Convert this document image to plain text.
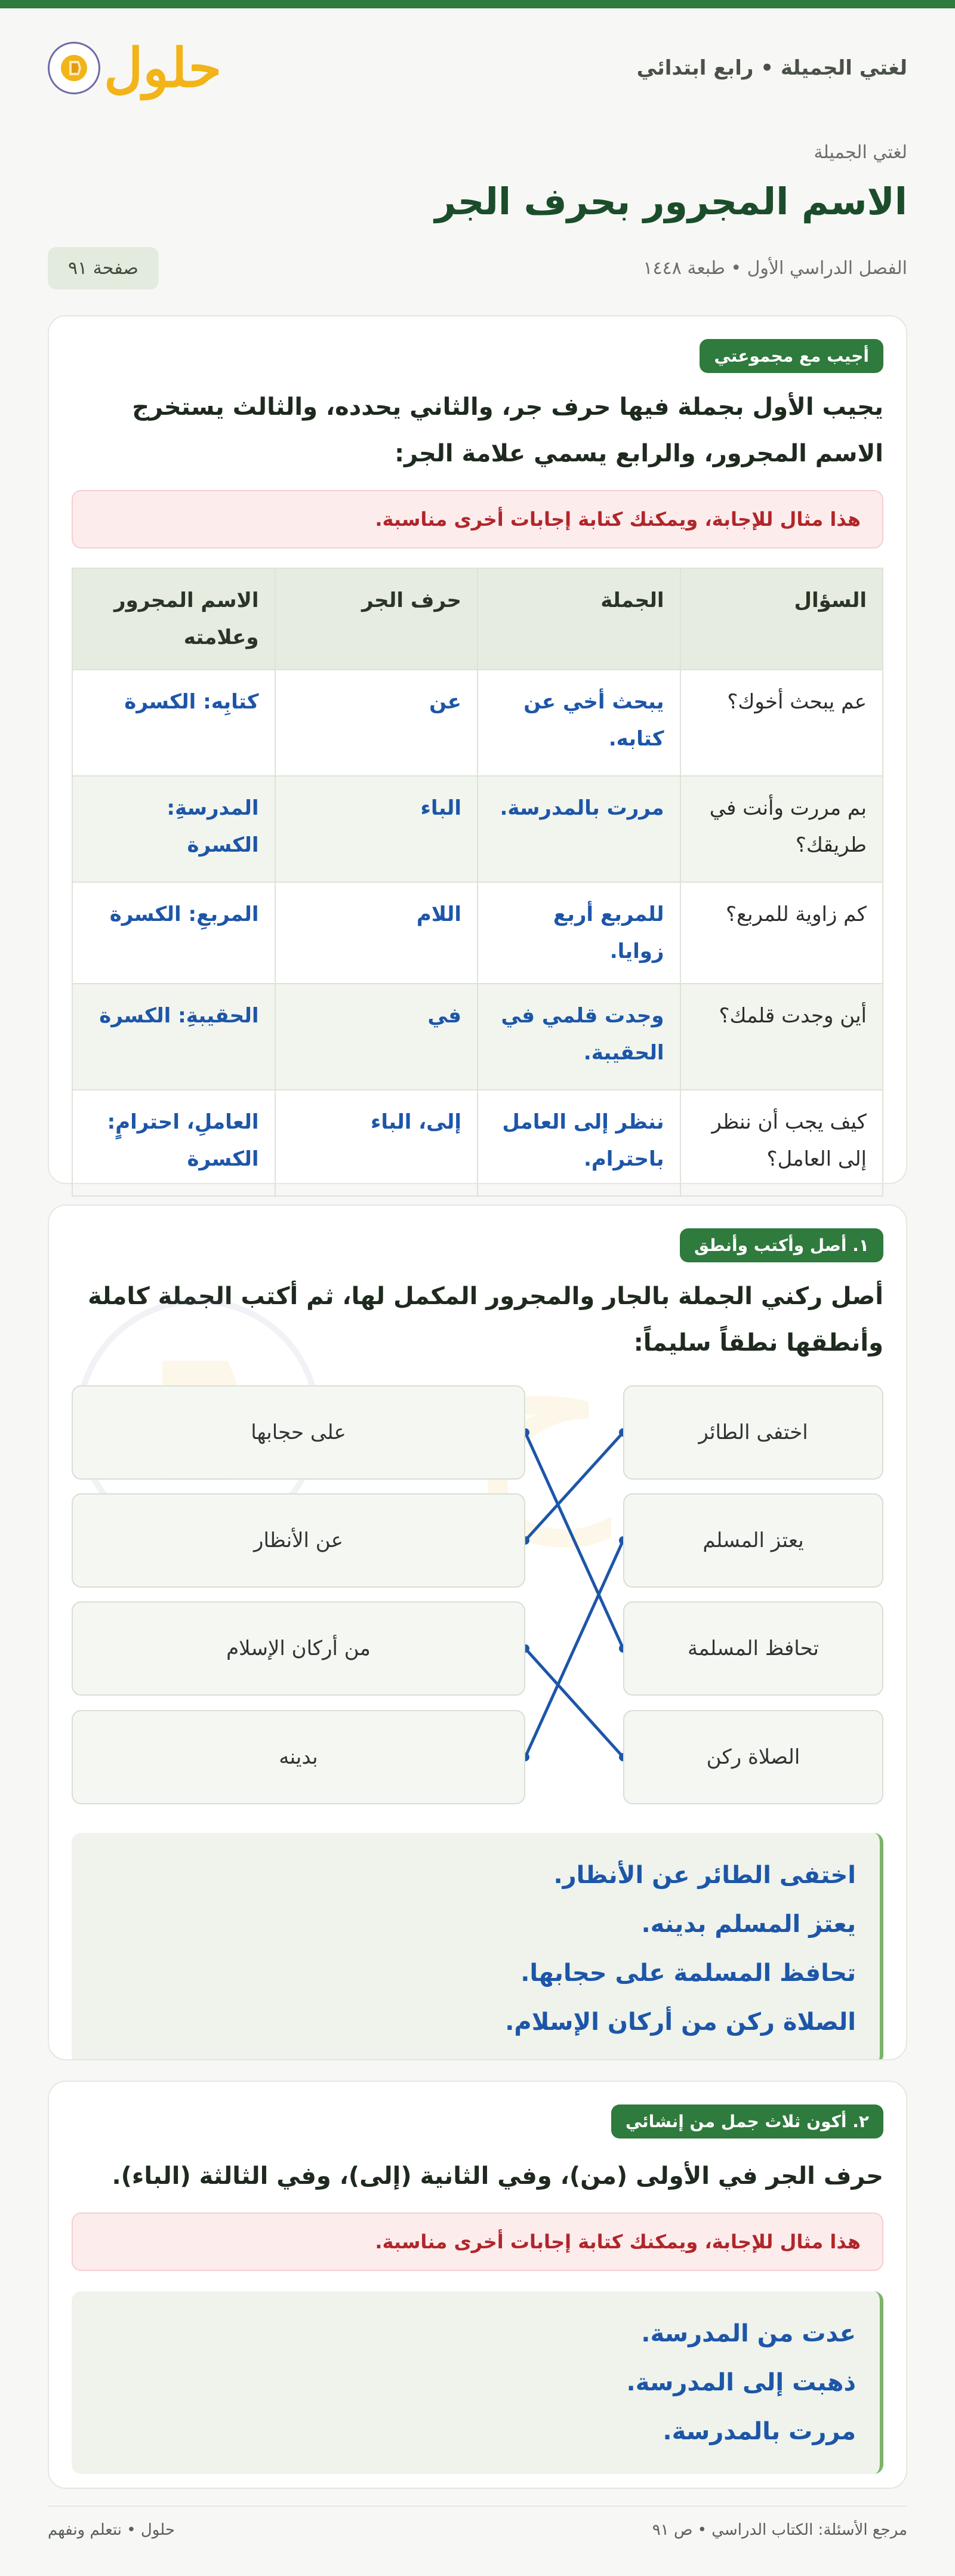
لغتي الجميلة • رابع ابتدائي
حلول
لغتي الجميلة
الاسم المجرور بحرف الجر
الفصل الدراسي الأول • طبعة ١٤٤٨
صفحة ٩١
أجيب مع مجموعتي

يجيب الأول بجملة فيها حرف جر، والثاني يحدده، والثالث يستخرج الاسم المجرور، والرابع يسمي علامة الجر:

هذا مثال للإجابة، ويمكنك كتابة إجابات أخرى مناسبة.
السؤال	الجملة	حرف الجر	الاسم المجرور وعلامته
عم يبحث أخوك؟	يبحث أخي عن كتابه.	عن	كتابِه: الكسرة
بم مررت وأنت في طريقك؟	مررت بالمدرسة.	الباء	المدرسةِ: الكسرة
كم زاوية للمربع؟	للمربع أربع زوايا.	اللام	المربعِ: الكسرة
أين وجدت قلمك؟	وجدت قلمي في الحقيبة.	في	الحقيبةِ: الكسرة
كيف يجب أن ننظر إلى العامل؟	ننظر إلى العامل باحترام.	إلى، الباء	العاملِ، احترامٍ: الكسرة
ح
١. أصل وأكتب وأنطق

أصل ركني الجملة بالجار والمجرور المكمل لها، ثم أكتب الجملة كاملة وأنطقها نطقاً سليماً:

اختفى الطائر
يعتز المسلم
تحافظ المسلمة
الصلاة ركن
على حجابها
عن الأنظار
من أركان الإسلام
بدينه
اختفى الطائر عن الأنظار.
يعتز المسلم بدينه.
تحافظ المسلمة على حجابها.
الصلاة ركن من أركان الإسلام.
٢. أكون ثلاث جمل من إنشائي

حرف الجر في الأولى (من)، وفي الثانية (إلى)، وفي الثالثة (الباء).

هذا مثال للإجابة، ويمكنك كتابة إجابات أخرى مناسبة.
عدت من المدرسة.
ذهبت إلى المدرسة.
مررت بالمدرسة.
مرجع الأسئلة: الكتاب الدراسي • ص ٩١
حلول • نتعلم ونفهم
